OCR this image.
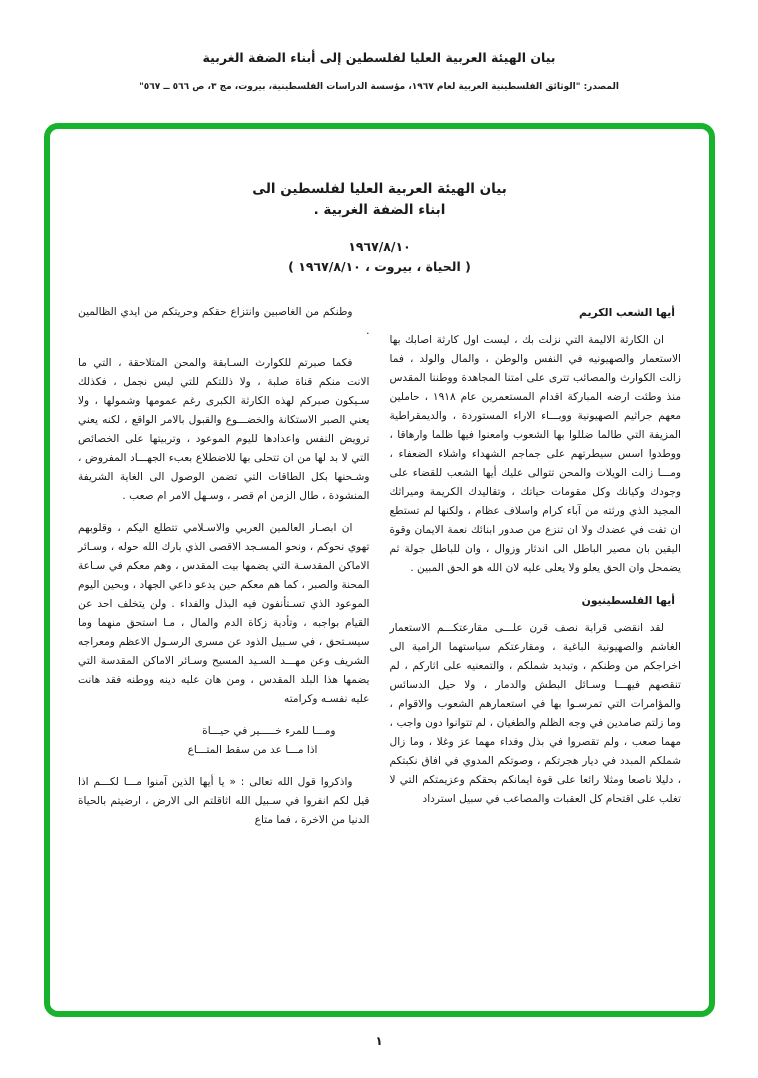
بيان الهيئة العربية العليا لفلسطين إلى أبناء الضفة الغربية
المصدر: "الوثائق الفلسطينية العربية لعام ١٩٦٧، مؤسسة الدراسات الفلسطينية، بيروت، مج ٣، ص ٥٦٦ ــ ٥٦٧"
بيان الهيئة العربية العليا لفلسطين الى
ابناء الضفة الغربية .
١٩٦٧/٨/١٠
( الحياة ، بيروت ، ١٩٦٧/٨/١٠ )
أيها الشعب الكريم

ان الكارثة الاليمة التي نزلت بك ، ليست اول كارثة اصابك بها الاستعمار والصهيونيه في النفس والوطن ، والمال والولد ، فما زالت الكوارث والمصائب تترى على امتنا المجاهدة ووطننا المقدس منذ وطئت ارضه المباركة اقدام المستعمرين عام ١٩١٨ ، حاملين معهم جراثيم الصهيونية ووبـــاء الاراء المستوردة ، والديمقراطية المزيفة التي طالما ضللوا بها الشعوب وامعنوا فيها ظلما وارهاقا ، ووطدوا اسس سيطرتهم على جماجم الشهداء واشلاء الضعفاء ، ومـــا زالت الويلات والمحن تتوالى عليك أيها الشعب للقضاء على وجودك وكيانك وكل مقومات حياتك ، وتقاليدك الكريمة وميراثك المجيد الذي ورثته من آباء كرام واسلاف عظام ، ولكنها لم تستطع ان تفت في عضدك ولا ان تنزع من صدور ابنائك نعمة الايمان وقوة اليقين بان مصير الباطل الى اندثار وزوال ، وان للباطل جولة ثم يضمحل وان الحق يعلو ولا يعلى عليه لان الله هو الحق المبين .

أيها الفلسطينيون

لقد انقضى قرابة نصف قرن علـــى مقارعتكـــم الاستعمار الغاشم والصهيونية الباغية ، ومقارعتكم سياستهما الرامية الى اخراجكم من وطنكم ، وتبديد شملكم ، والتمعنيه على اثاركم ، لم تنقصهم فيهـــا وسـائل البطش والدمار ، ولا حيل الدسائس والمؤامرات التي تمرسـوا بها في استعمارهم الشعوب والاقوام ، وما زلتم صامدين في وجه الظلم والطغيان ، لم تتوانوا دون واجب ، مهما صعب ، ولم تقصروا في بذل وفداء مهما عز وغلا ، وما زال شملكم المبدد في ديار هجرتكم ، وصوتكم المدوي في افاق نكبتكم ، دليلا ناصعا ومثلا رائعا على قوة ايمانكم بحقكم وعزيمتكم التي لا تغلب على اقتحام كل العقبات والمصاعب في سبيل استرداد

وطنكم من الغاصبين وانتزاع حقكم وحريتكم من ايدي الظالمين .

فكما صبرتم للكوارث السـابقة والمحن المتلاحقة ، التي ما الانت منكم قناة صلبة ، ولا ذللتكم للتي ليس نجمل ، فكذلك سـيكون صبركم لهذه الكارثة الكبرى رغم عمومها وشمولها ، ولا يعني الصبر الاستكانة والخضـــوع والقبول بالامر الواقع ، لكنه يعني ترويض النفس واعدادها لليوم الموعود ، وتربيتها على الخصائص التي لا بد لها من ان تتحلى بها للاضطلاع بعبء الجهـــاد المفروض ، وشـحنها بكل الطاقات التي تضمن الوصول الى الغاية الشريفة المنشودة ، طال الزمن ام قصر ، وسـهل الامر ام صعب .

ان ابصـار العالمين العربي والاسـلامي تتطلع اليكم ، وقلوبهم تهوي نحوكم ، ونحو المسـجد الاقصى الذي بارك الله حوله ، وسـائر الاماكن المقدسـة التي يضمها بيت المقدس ، وهم معكم في سـاعة المحنة والصبر ، كما هم معكم حين يدعو داعي الجهاد ، وبحين اليوم الموعود الذي تسـتأنفون فيه البذل والفداء . ولن يتخلف احد عن القيام بواجبه ، وتأدية زكاة الدم والمال ، مـا استحق منهما وما سيسـتحق ، في سـبيل الذود عن مسرى الرسـول الاعظم ومعراجه الشريف وعن مهـــد السـيد المسيح وسـائر الاماكن المقدسة التي يضمها هذا البلد المقدس ، ومن هان عليه دينه ووطنه فقد هانت عليه نفسـه وكرامته

ومـــا للمرء خـــــير في حيـــاة
اذا مـــا عد من سقط المتـــاع

واذكروا قول الله تعالى : « يا أيها الذين آمنوا مـــا لكـــم اذا قيل لكم انفروا في سـبيل الله اثاقلتم الى الارض ، ارضيتم بالحياة الدنيا من الاخرة ، فما متاع

١
